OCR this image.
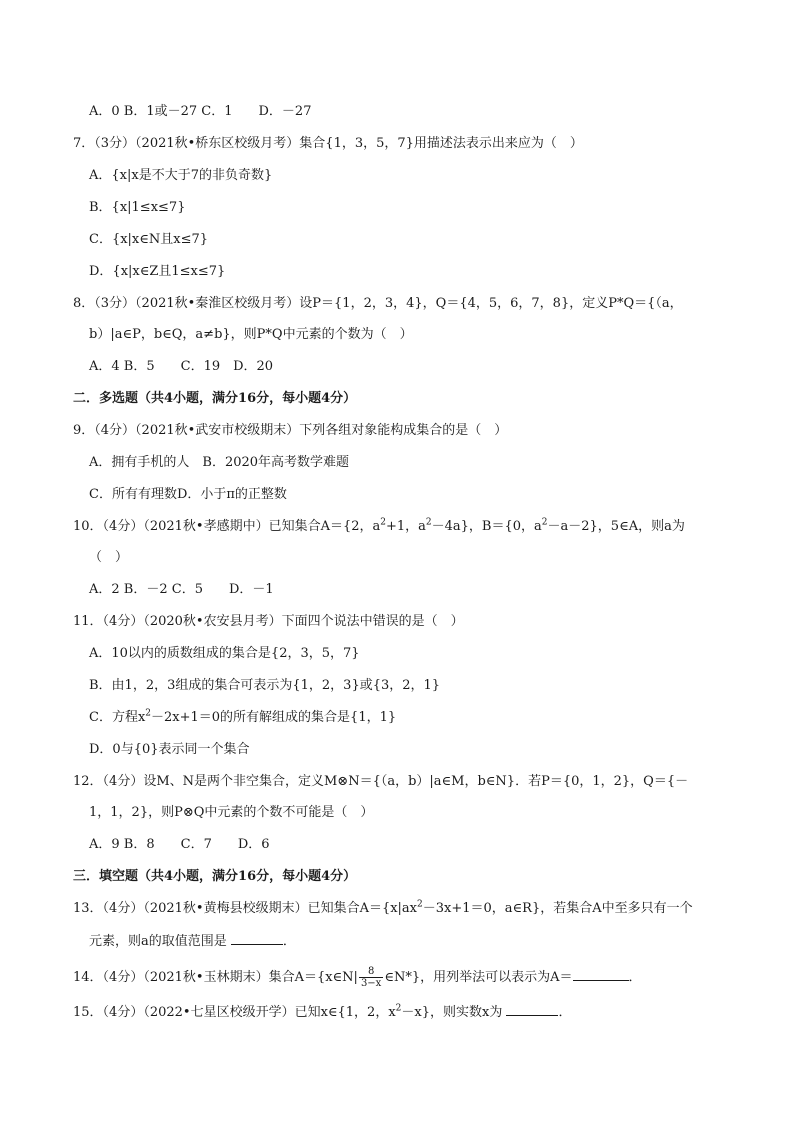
A．0 B．1或－27 C．1　　D．－27
7．（3分）（2021秋•桥东区校级月考）集合{1，3，5，7}用描述法表示出来应为（　）
A．{x|x是不大于7的非负奇数}
B．{x|1≤x≤7}
C．{x|x∈N且x≤7}
D．{x|x∈Z且1≤x≤7}
8．（3分）（2021秋•秦淮区校级月考）设P＝{1，2，3，4}，Q＝{4，5，6，7，8}，定义P*Q＝{（a，
b）|a∈P，b∈Q，a≠b}，则P*Q中元素的个数为（　）
A．4 B．5　　C．19　D．20
二．多选题（共4小题，满分16分，每小题4分）
9．（4分）（2021秋•武安市校级期末）下列各组对象能构成集合的是（　）
A．拥有手机的人　B．2020年高考数学难题
C．所有有理数D．小于π的正整数
10．（4分）（2021秋•孝感期中）已知集合A＝{2，$a^2+1$，$a^2-4a$}，B＝{0，$a^2-a-2$}，5∈A，则a为
（　）
A．2 B．－2 C．5　　D．－1
11．（4分）（2020秋•农安县月考）下面四个说法中错误的是（　）
A．10以内的质数组成的集合是{2，3，5，7}
B．由1，2，3组成的集合可表示为{1，2，3}或{3，2，1}
C．方程$x^2-2x+1=0$的所有解组成的集合是{1，1}
D．0与{0}表示同一个集合
12．（4分）设M、N是两个非空集合，定义M⊗N＝{（a，b）|a∈M，b∈N}．若P＝{0，1，2}，Q＝{－
1，1，2}，则P⊗Q中元素的个数不可能是（　）
A．9 B．8　　C．7　　D．6
三．填空题（共4小题，满分16分，每小题4分）
13．（4分）（2021秋•黄梅县校级期末）已知集合$A=\{x|ax^2-3x+1=0$，a∈R}，若集合A中至多只有一个
元素，则a的取值范围是	．
14．（4分）（2021秋•玉林期末）集合A＝{x∈N| $\frac{8}{3-x}$ ∈N*}，用列举法可以表示为A＝	．
15．（4分）（2022•七星区校级开学）已知x∈{1，2，$x^2-x$}，则实数x为	．
